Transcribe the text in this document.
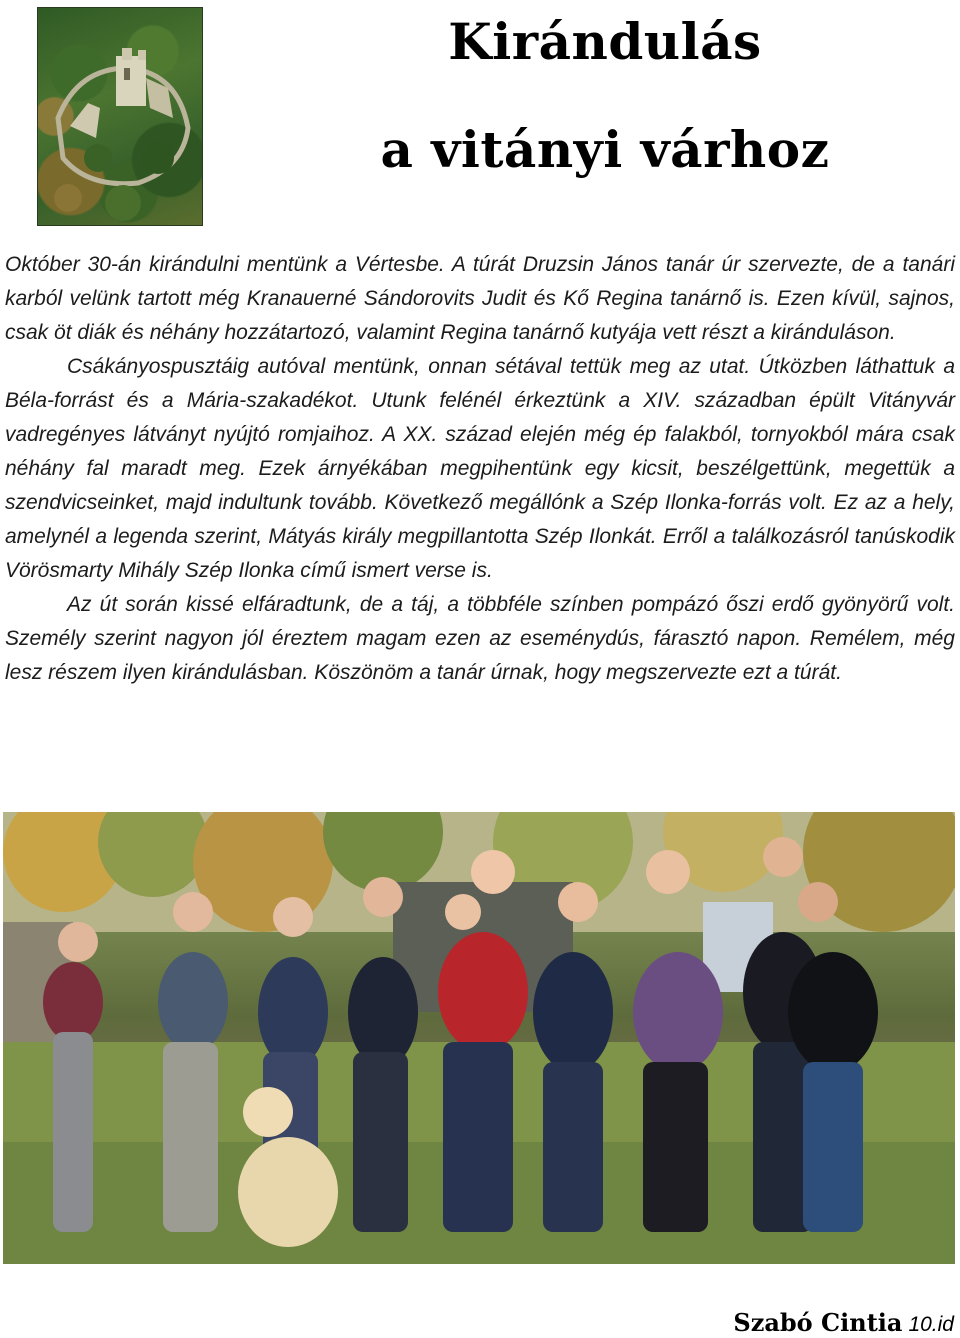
Kirándulás
a vitányi várhoz

Október 30-án kirándulni mentünk a Vértesbe. A túrát Druzsin János tanár úr szervezte, de a tanári karból velünk tartott még Kranauerné Sándorovits Judit és Kő Regina tanárnő is. Ezen kívül, sajnos, csak öt diák és néhány hozzátartozó, valamint Regina tanárnő kutyája vett részt a kiránduláson.

Csákányospusztáig autóval mentünk, onnan sétával tettük meg az utat. Útközben láthattuk a Béla-forrást és a Mária-szakadékot. Utunk felénél érkeztünk a XIV. században épült Vitányvár vadregényes látványt nyújtó romjaihoz. A XX. század elején még ép falakból, tornyokból mára csak néhány fal maradt meg. Ezek árnyékában megpihentünk egy kicsit, beszélgettünk, megettük a szendvicseinket, majd indultunk tovább. Következő megállónk a Szép Ilonka-forrás volt. Ez az a hely, amelynél a legenda szerint, Mátyás király megpillantotta Szép Ilonkát. Erről a találkozásról tanúskodik Vörösmarty Mihály Szép Ilonka című ismert verse is.

Az út során kissé elfáradtunk, de a táj, a többféle színben pompázó őszi erdő gyönyörű volt. Személy szerint nagyon jól éreztem magam ezen az eseménydús, fárasztó napon. Remélem, még lesz részem ilyen kirándulásban. Köszönöm a tanár úrnak, hogy megszervezte ezt a túrát.

Szabó Cintia 10.id
